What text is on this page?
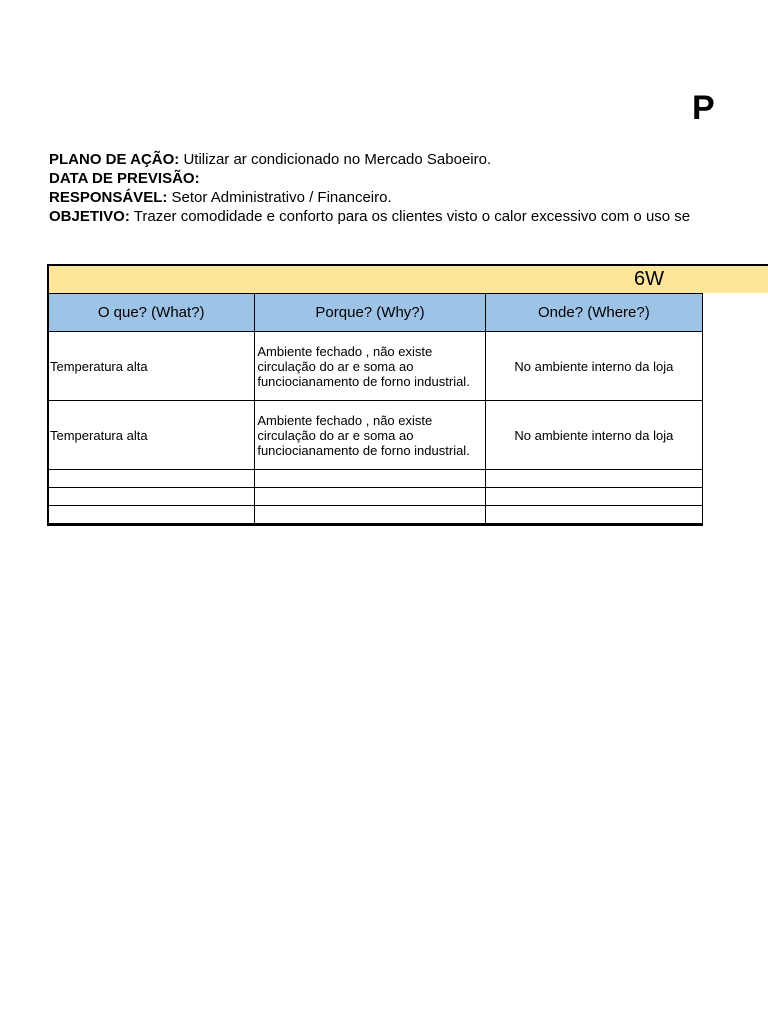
P
PLANO DE AÇÃO: Utilizar ar condicionado no Mercado Saboeiro.
DATA DE PREVISÃO:
RESPONSÁVEL: Setor Administrativo / Financeiro.
OBJETIVO: Trazer comodidade e conforto para os clientes visto o calor excessivo com o uso se
O que? (What?)	Porque? (Why?)	Onde? (Where?)
Temperatura alta	Ambiente fechado , não existe circulação do ar e soma ao funciocianamento de forno industrial.	No ambiente interno da loja
Temperatura alta	Ambiente fechado , não existe circulação do ar e soma ao funciocianamento de forno industrial.	No ambiente interno da loja

6W
